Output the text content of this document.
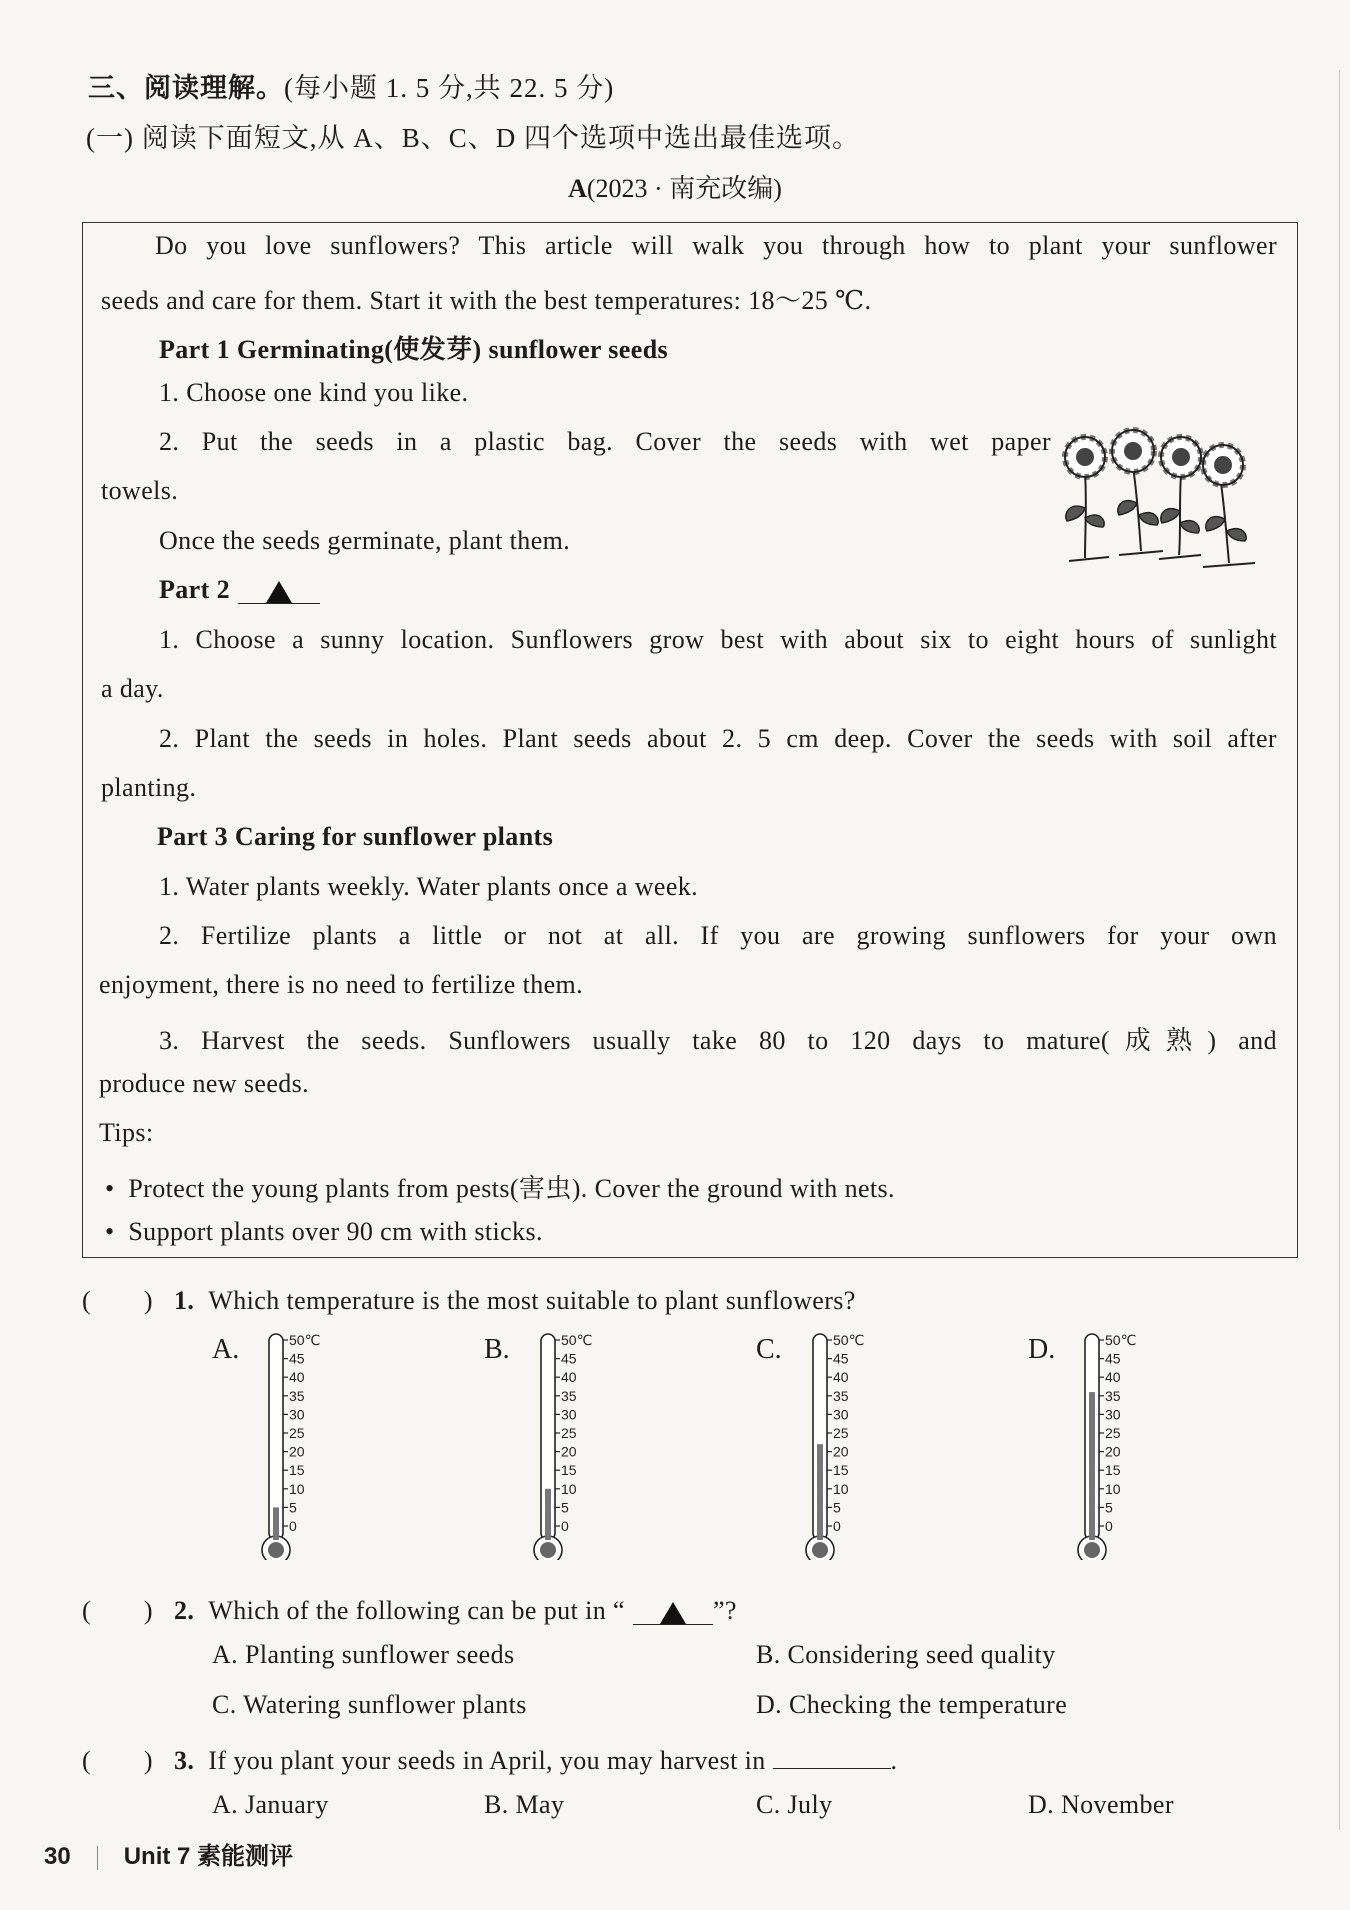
三、阅读理解。(每小题 1. 5 分,共 22. 5 分)
(一) 阅读下面短文,从 A、B、C、D 四个选项中选出最佳选项。
A(2023 · 南充改编)
Do you love sunflowers? This article will walk you through how to plant your sunflower
seeds and care for them. Start it with the best temperatures: 18～25 ℃.
Part 1 Germinating(使发芽) sunflower seeds
1. Choose one kind you like.
2. Put the seeds in a plastic bag. Cover the seeds with wet paper
towels.
Once the seeds germinate, plant them.
Part 2
1. Choose a sunny location. Sunflowers grow best with about six to eight hours of sunlight
a day.
2. Plant the seeds in holes. Plant seeds about 2. 5 cm deep. Cover the seeds with soil after
planting.
Part 3 Caring for sunflower plants
1. Water plants weekly. Water plants once a week.
2. Fertilize plants a little or not at all. If you are growing sunflowers for your own
enjoyment, there is no need to fertilize them.
3. Harvest the seeds. Sunflowers usually take 80 to 120 days to mature(成熟) and
produce new seeds.
Tips:
•  Protect the young plants from pests(害虫). Cover the ground with nets.
•  Support plants over 90 cm with sticks.
(　　) 1. Which temperature is the most suitable to plant sunflowers?
A.	50℃
45
40
35
30
25
20
15
10
5
0
B.	50℃
45
40
35
30
25
20
15
10
5
0
C.	50℃
45
40
35
30
25
20
15
10
5
0
D.	50℃
45
40
35
30
25
20
15
10
5
0
(　　) 2. Which of the following can be put in “	”?
A. Planting sunflower seeds	B. Considering seed quality
C. Watering sunflower plants	D. Checking the temperature
(　　) 3. If you plant your seeds in April, you may harvest in	.
A. January	B. May	C. July	D. November
30 Unit 7 素能测评
